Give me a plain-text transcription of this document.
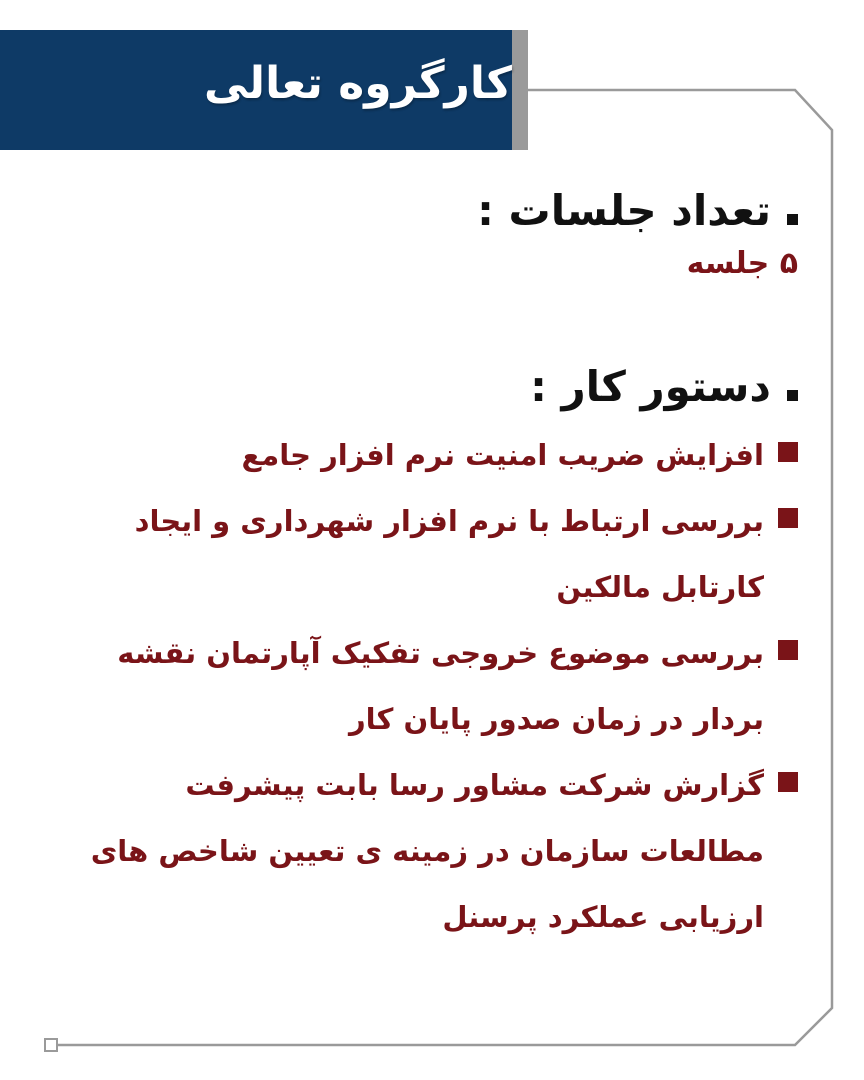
کارگروه تعالی
تعداد جلسات :
۵ جلسه
دستور کار :
افزایش ضریب امنیت نرم افزار جامع
بررسی ارتباط با نرم افزار شهرداری و ایجاد کارتابل مالکین
بررسی موضوع خروجی تفکیک آپارتمان نقشه بردار در زمان صدور پایان کار
گزارش شرکت مشاور رسا بابت پیشرفت مطالعات سازمان در زمینه ی تعیین شاخص های ارزیابی عملکرد پرسنل
